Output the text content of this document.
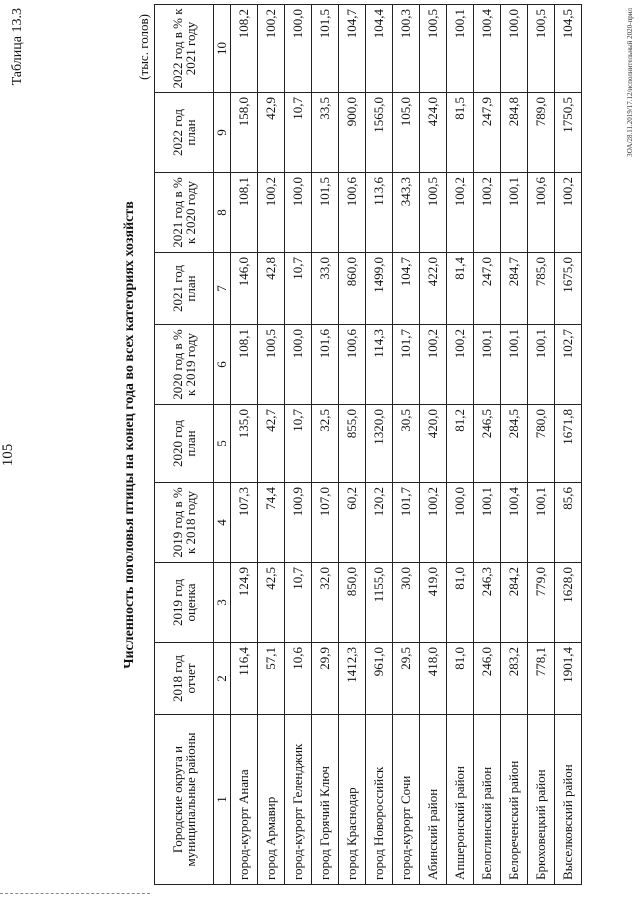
105
Таблица 13.3
Численность поголовья птицы на конец года во всех категориях хозяйств
(тыс. голов)
Городские округа и муниципальные районы	2018 год отчет	2019 год оценка	2019 год в % к 2018 году	2020 год план	2020 год в % к 2019 году	2021 год план	2021 год в % к 2020 году	2022 год план	2022 год в % к 2021 году
1	2	3	4	5	6	7	8	9	10
город-курорт Анапа	116,4	124,9	107,3	135,0	108,1	146,0	108,1	158,0	108,2
город Армавир	57,1	42,5	74,4	42,7	100,5	42,8	100,2	42,9	100,2
город-курорт Геленджик	10,6	10,7	100,9	10,7	100,0	10,7	100,0	10,7	100,0
город Горячий Ключ	29,9	32,0	107,0	32,5	101,6	33,0	101,5	33,5	101,5
город Краснодар	1412,3	850,0	60,2	855,0	100,6	860,0	100,6	900,0	104,7
город Новороссийск	961,0	1155,0	120,2	1320,0	114,3	1499,0	113,6	1565,0	104,4
город-курорт Сочи	29,5	30,0	101,7	30,5	101,7	104,7	343,3	105,0	100,3
Абинский район	418,0	419,0	100,2	420,0	100,2	422,0	100,5	424,0	100,5
Апшеронский район	81,0	81,0	100,0	81,2	100,2	81,4	100,2	81,5	100,1
Белоглинский район	246,0	246,3	100,1	246,5	100,1	247,0	100,2	247,9	100,4
Белореченский район	283,2	284,2	100,4	284,5	100,1	284,7	100,1	284,8	100,0
Брюховецкий район	778,1	779,0	100,1	780,0	100,1	785,0	100,6	789,0	100,5
Выселковский район	1901,4	1628,0	85,6	1671,8	102,7	1675,0	100,2	1750,5	104,5	ЗОА/28.11.2019/17.12/исполнительный 2020-прил
